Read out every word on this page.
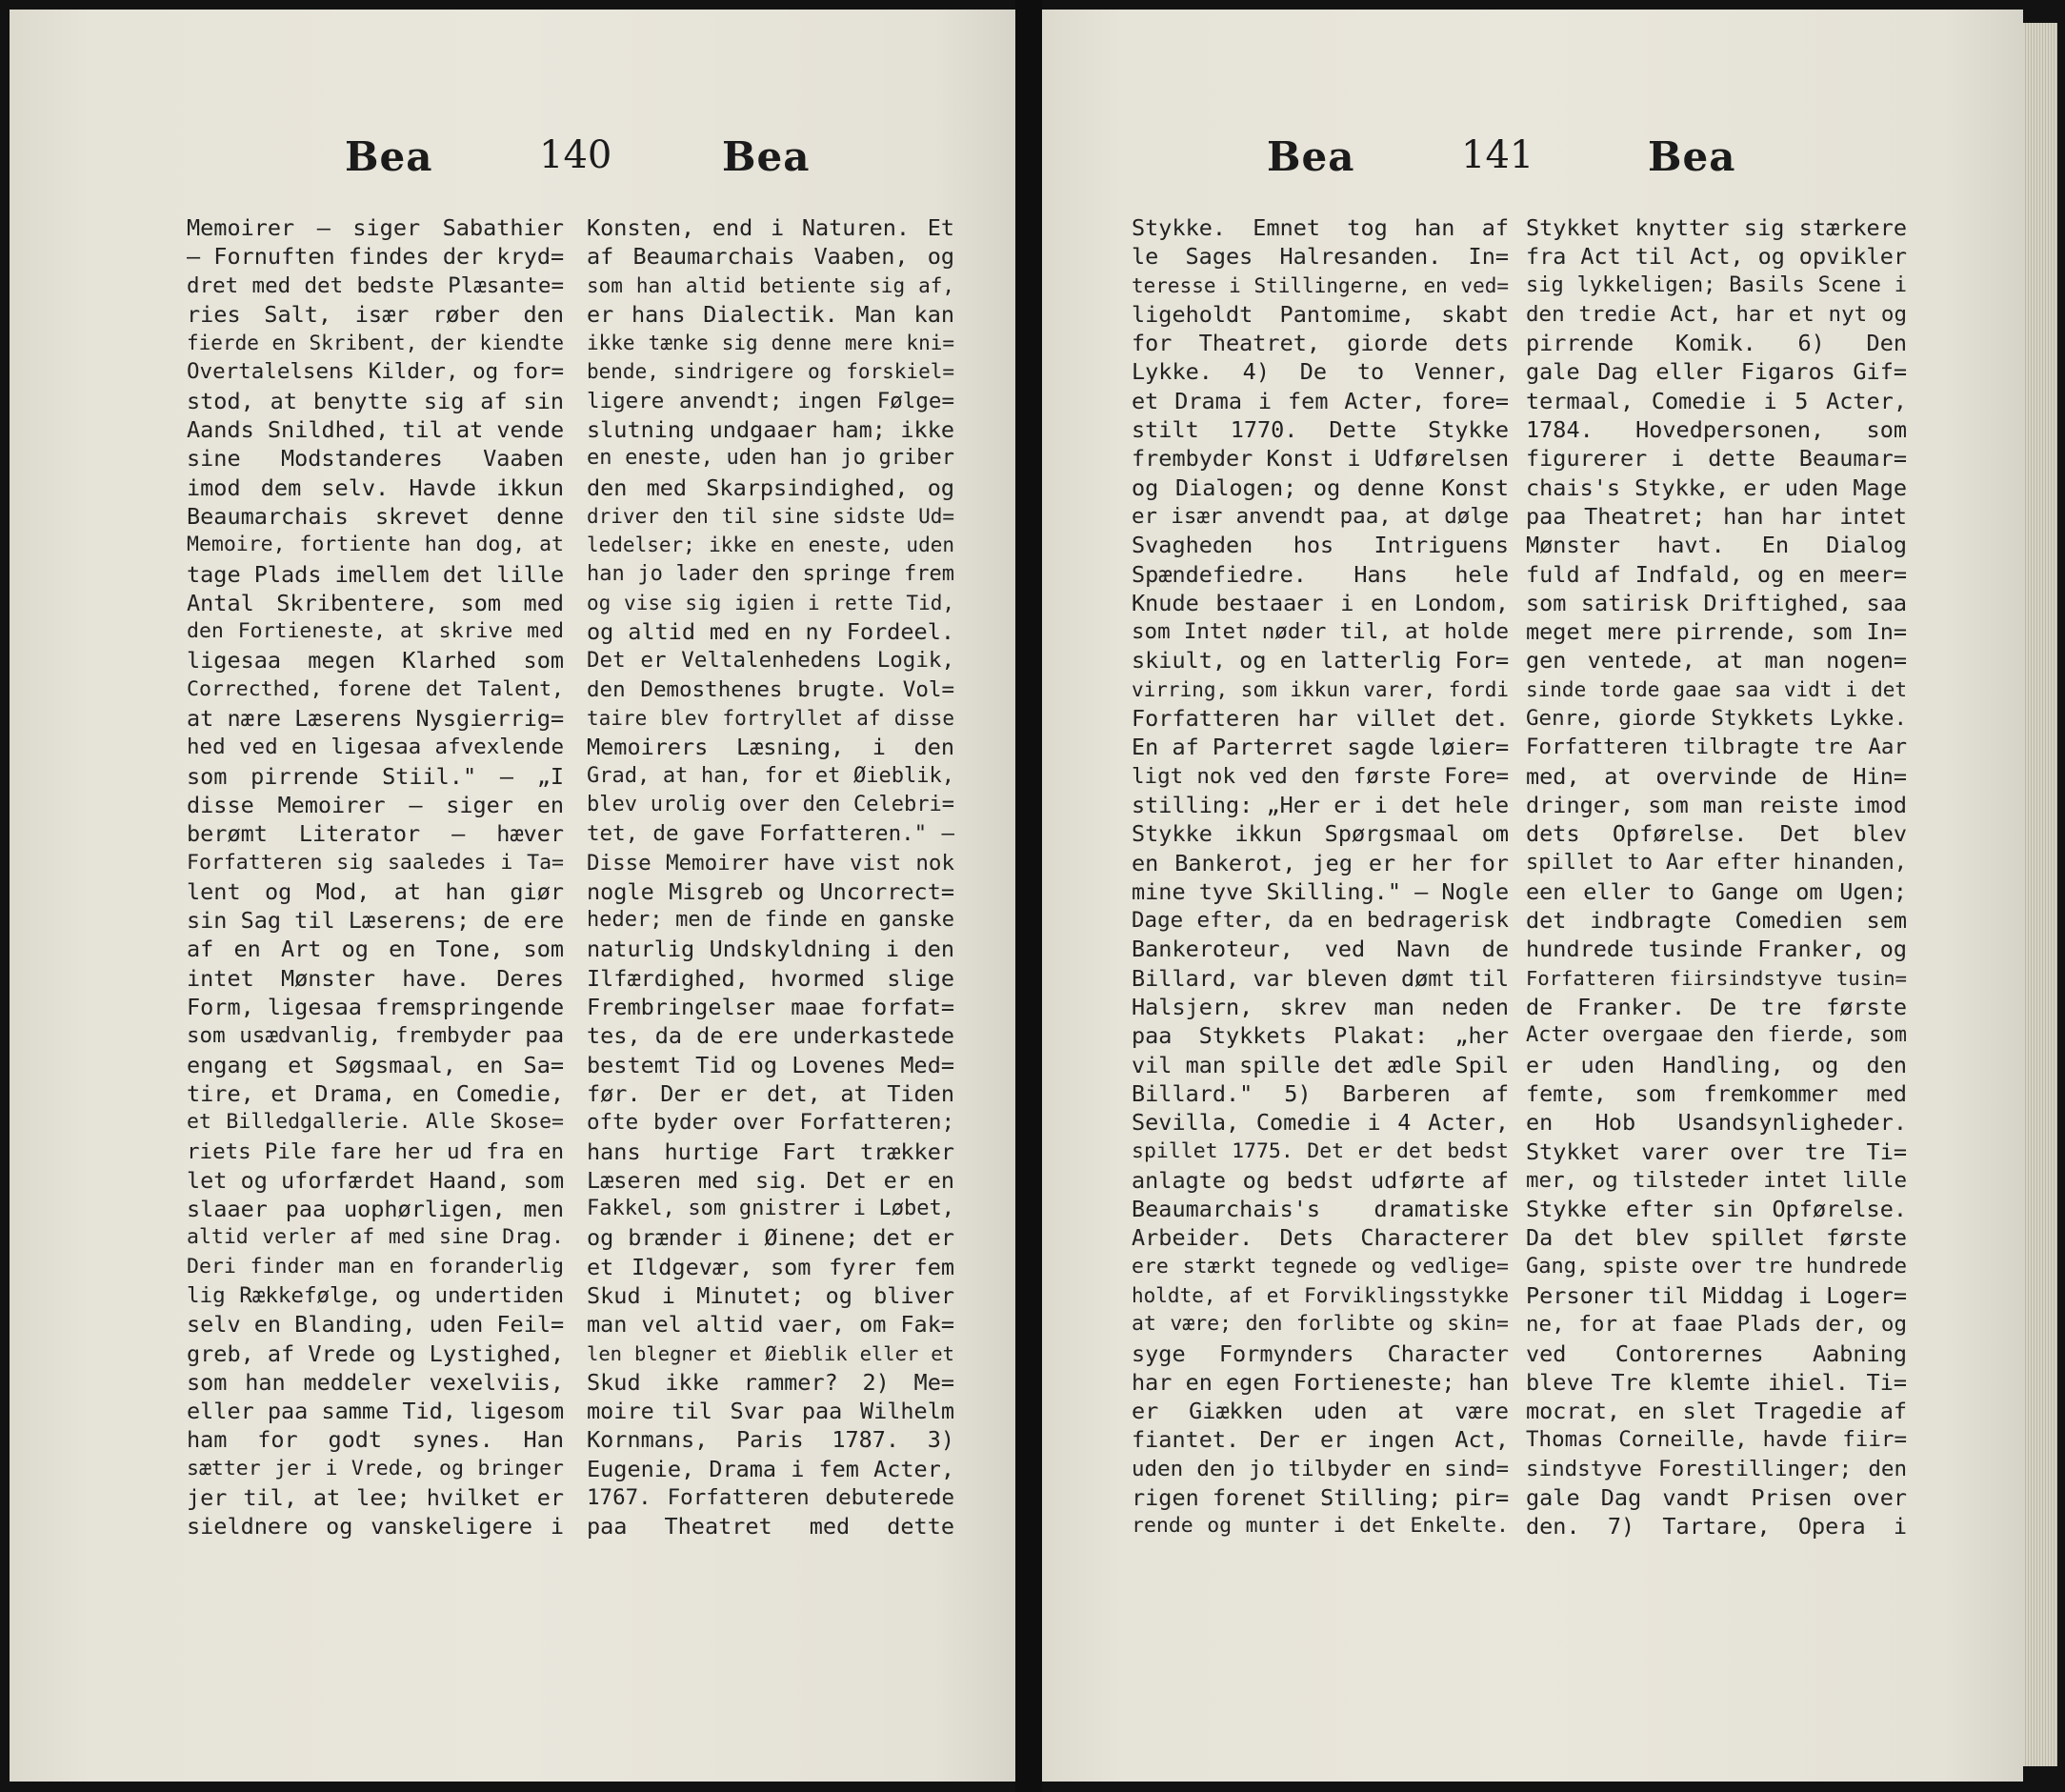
Bea	140	Bea
Memoirer — siger Sabathier
— Fornuften findes der kryd=
dret med det bedste Plæsante=
ries Salt, især røber den
fierde en Skribent, der kiendte
Overtalelsens Kilder, og for=
stod, at benytte sig af sin
Aands Snildhed, til at vende
sine Modstanderes Vaaben
imod dem selv. Havde ikkun
Beaumarchais skrevet denne
Memoire, fortiente han dog, at
tage Plads imellem det lille
Antal Skribentere, som med
den Fortieneste, at skrive med
ligesaa megen Klarhed som
Correcthed, forene det Talent,
at nære Læserens Nysgierrig=
hed ved en ligesaa afvexlende
som pirrende Stiil." — „I
disse Memoirer — siger en
berømt Literator — hæver
Forfatteren sig saaledes i Ta=
lent og Mod, at han giør
sin Sag til Læserens; de ere
af en Art og en Tone, som
intet Mønster have. Deres
Form, ligesaa fremspringende
som usædvanlig, frembyder paa
engang et Søgsmaal, en Sa=
tire, et Drama, en Comedie,
et Billedgallerie. Alle Skose=
riets Pile fare her ud fra en
let og uforfærdet Haand, som
slaaer paa uophørligen, men
altid verler af med sine Drag.
Deri finder man en foranderlig
lig Rækkefølge, og undertiden
selv en Blanding, uden Feil=
greb, af Vrede og Lystighed,
som han meddeler vexelviis,
eller paa samme Tid, ligesom
ham for godt synes. Han
sætter jer i Vrede, og bringer
jer til, at lee; hvilket er
sieldnere og vanskeligere i
Konsten, end i Naturen. Et
af Beaumarchais Vaaben, og
som han altid betiente sig af,
er hans Dialectik. Man kan
ikke tænke sig denne mere kni=
bende, sindrigere og forskiel=
ligere anvendt; ingen Følge=
slutning undgaaer ham; ikke
en eneste, uden han jo griber
den med Skarpsindighed, og
driver den til sine sidste Ud=
ledelser; ikke en eneste, uden
han jo lader den springe frem
og vise sig igien i rette Tid,
og altid med en ny Fordeel.
Det er Veltalenhedens Logik,
den Demosthenes brugte. Vol=
taire blev fortryllet af disse
Memoirers Læsning, i den
Grad, at han, for et Øieblik,
blev urolig over den Celebri=
tet, de gave Forfatteren." —
Disse Memoirer have vist nok
nogle Misgreb og Uncorrect=
heder; men de finde en ganske
naturlig Undskyldning i den
Ilfærdighed, hvormed slige
Frembringelser maae forfat=
tes, da de ere underkastede
bestemt Tid og Lovenes Med=
før. Der er det, at Tiden
ofte byder over Forfatteren;
hans hurtige Fart trækker
Læseren med sig. Det er en
Fakkel, som gnistrer i Løbet,
og brænder i Øinene; det er
et Ildgevær, som fyrer fem
Skud i Minutet; og bliver
man vel altid vaer, om Fak=
len blegner et Øieblik eller et
Skud ikke rammer? 2) Me=
moire til Svar paa Wilhelm
Kornmans, Paris 1787. 3)
Eugenie, Drama i fem Acter,
1767. Forfatteren debuterede
paa Theatret med dette
Bea	141	Bea
Stykke. Emnet tog han af
le Sages Halresanden. In=
teresse i Stillingerne, en ved=
ligeholdt Pantomime, skabt
for Theatret, giorde dets
Lykke. 4) De to Venner,
et Drama i fem Acter, fore=
stilt 1770. Dette Stykke
frembyder Konst i Udførelsen
og Dialogen; og denne Konst
er især anvendt paa, at dølge
Svagheden hos Intriguens
Spændefiedre. Hans hele
Knude bestaaer i en Londom,
som Intet nøder til, at holde
skiult, og en latterlig For=
virring, som ikkun varer, fordi
Forfatteren har villet det.
En af Parterret sagde løier=
ligt nok ved den første Fore=
stilling: „Her er i det hele
Stykke ikkun Spørgsmaal om
en Bankerot, jeg er her for
mine tyve Skilling." — Nogle
Dage efter, da en bedragerisk
Bankeroteur, ved Navn de
Billard, var bleven dømt til
Halsjern, skrev man neden
paa Stykkets Plakat: „her
vil man spille det ædle Spil
Billard." 5) Barberen af
Sevilla, Comedie i 4 Acter,
spillet 1775. Det er det bedst
anlagte og bedst udførte af
Beaumarchais's dramatiske
Arbeider. Dets Characterer
ere stærkt tegnede og vedlige=
holdte, af et Forviklingsstykke
at være; den forlibte og skin=
syge Formynders Character
har en egen Fortieneste; han
er Giækken uden at være
fiantet. Der er ingen Act,
uden den jo tilbyder en sind=
rigen forenet Stilling; pir=
rende og munter i det Enkelte.
Stykket knytter sig stærkere
fra Act til Act, og opvikler
sig lykkeligen; Basils Scene i
den tredie Act, har et nyt og
pirrende Komik. 6) Den
gale Dag eller Figaros Gif=
termaal, Comedie i 5 Acter,
1784. Hovedpersonen, som
figurerer i dette Beaumar=
chais's Stykke, er uden Mage
paa Theatret; han har intet
Mønster havt. En Dialog
fuld af Indfald, og en meer=
som satirisk Driftighed, saa
meget mere pirrende, som In=
gen ventede, at man nogen=
sinde torde gaae saa vidt i det
Genre, giorde Stykkets Lykke.
Forfatteren tilbragte tre Aar
med, at overvinde de Hin=
dringer, som man reiste imod
dets Opførelse. Det blev
spillet to Aar efter hinanden,
een eller to Gange om Ugen;
det indbragte Comedien sem
hundrede tusinde Franker, og
Forfatteren fiirsindstyve tusin=
de Franker. De tre første
Acter overgaae den fierde, som
er uden Handling, og den
femte, som fremkommer med
en Hob Usandsynligheder.
Stykket varer over tre Ti=
mer, og tilsteder intet lille
Stykke efter sin Opførelse.
Da det blev spillet første
Gang, spiste over tre hundrede
Personer til Middag i Loger=
ne, for at faae Plads der, og
ved Contorernes Aabning
bleve Tre klemte ihiel. Ti=
mocrat, en slet Tragedie af
Thomas Corneille, havde fiir=
sindstyve Forestillinger; den
gale Dag vandt Prisen over
den. 7) Tartare, Opera i
